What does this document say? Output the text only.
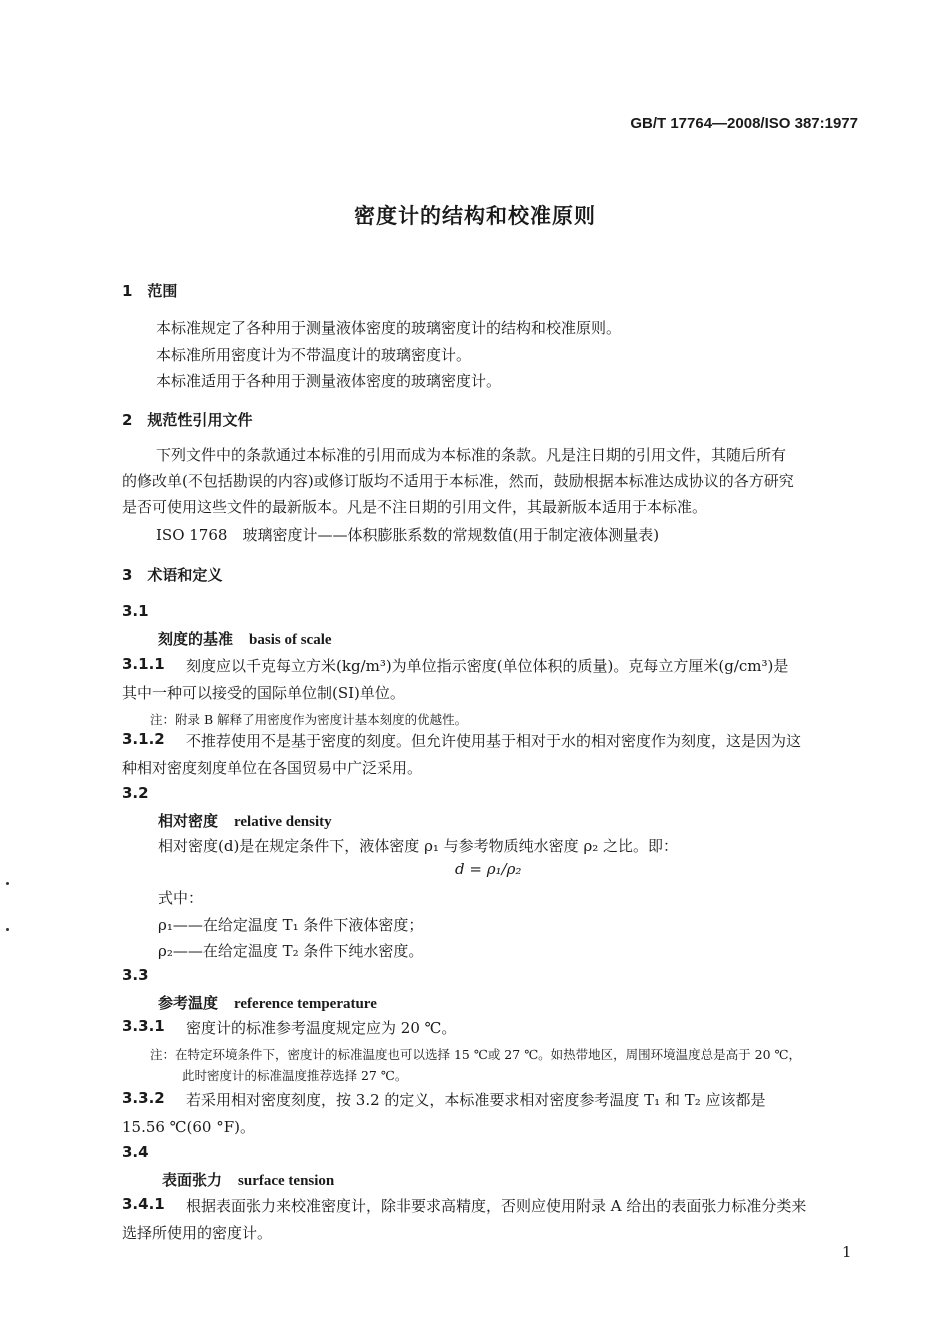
GB/T 17764—2008/ISO 387:1977
密度计的结构和校准原则
1　范围
本标准规定了各种用于测量液体密度的玻璃密度计的结构和校准原则。
本标准所用密度计为不带温度计的玻璃密度计。
本标准适用于各种用于测量液体密度的玻璃密度计。
2　规范性引用文件
下列文件中的条款通过本标准的引用而成为本标准的条款。凡是注日期的引用文件，其随后所有
的修改单(不包括勘误的内容)或修订版均不适用于本标准，然而，鼓励根据本标准达成协议的各方研究
是否可使用这些文件的最新版本。凡是不注日期的引用文件，其最新版本适用于本标准。
ISO 1768　玻璃密度计——体积膨胀系数的常规数值(用于制定液体测量表)
3　术语和定义
3.1
刻度的基准 basis of scale
3.1.1 刻度应以千克每立方米(kg/m³)为单位指示密度(单位体积的质量)。克每立方厘米(g/cm³)是
其中一种可以接受的国际单位制(SI)单位。
注：附录 B 解释了用密度作为密度计基本刻度的优越性。
3.1.2 不推荐使用不是基于密度的刻度。但允许使用基于相对于水的相对密度作为刻度，这是因为这
种相对密度刻度单位在各国贸易中广泛采用。
3.2
相对密度 relative density
相对密度(d)是在规定条件下，液体密度 ρ₁ 与参考物质纯水密度 ρ₂ 之比。即：
d = ρ₁/ρ₂
式中：
ρ₁——在给定温度 T₁ 条件下液体密度；
ρ₂——在给定温度 T₂ 条件下纯水密度。
3.3
参考温度 reference temperature
3.3.1 密度计的标准参考温度规定应为 20 ℃。
注：在特定环境条件下，密度计的标准温度也可以选择 15 ℃或 27 ℃。如热带地区，周围环境温度总是高于 20 ℃，
此时密度计的标准温度推荐选择 27 ℃。
3.3.2 若采用相对密度刻度，按 3.2 的定义，本标准要求相对密度参考温度 T₁ 和 T₂ 应该都是
15.56 ℃(60 °F)。
3.4
表面张力 surface tension
3.4.1 根据表面张力来校准密度计，除非要求高精度，否则应使用附录 A 给出的表面张力标准分类来
选择所使用的密度计。
1
